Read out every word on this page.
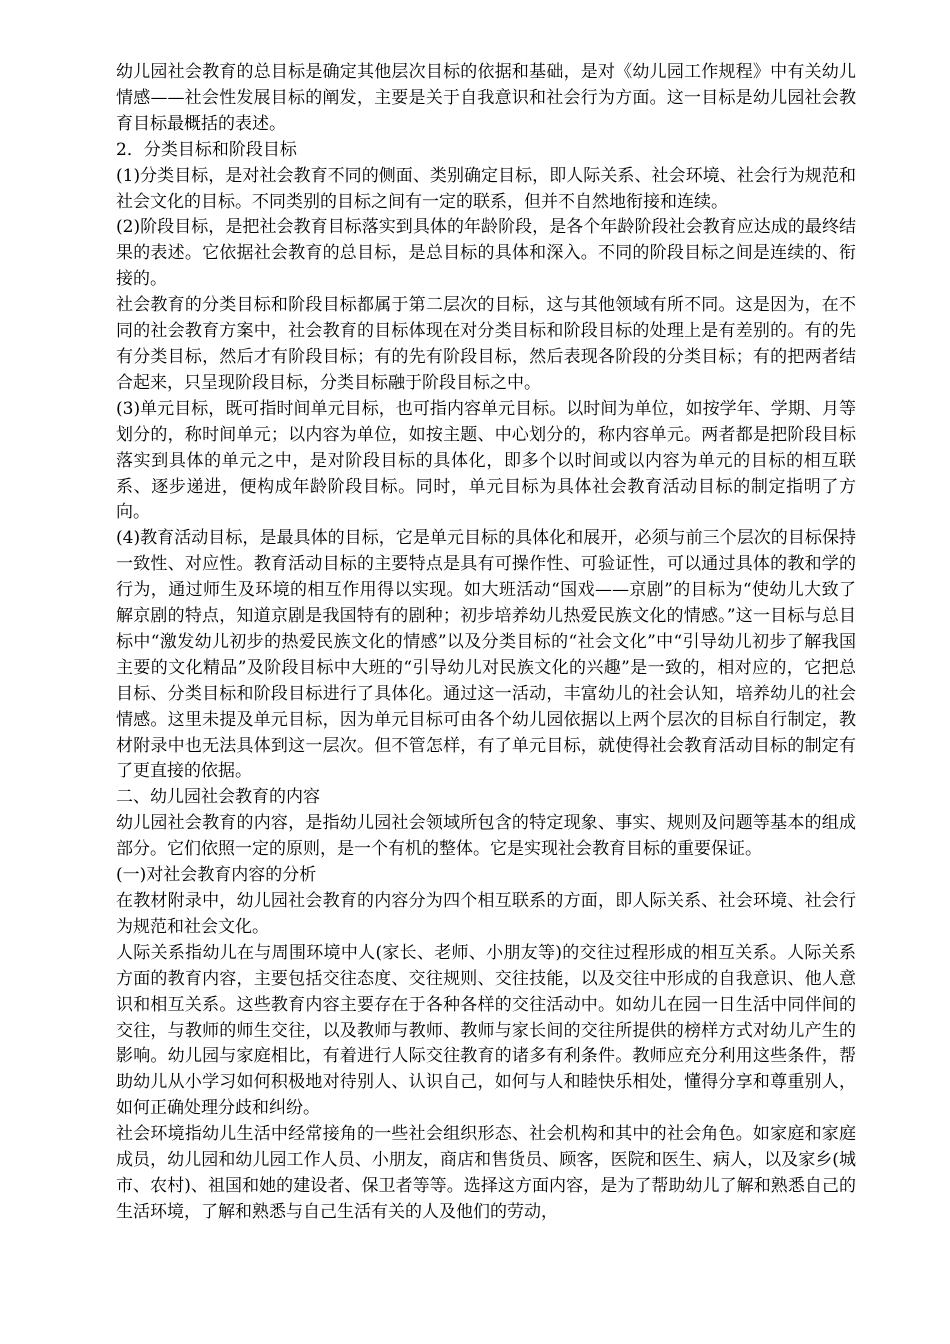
幼儿园社会教育的总目标是确定其他层次目标的依据和基础，是对《幼儿园工作规程》中有关幼儿情感——社会性发展目标的阐发，主要是关于自我意识和社会行为方面。这一目标是幼儿园社会教育目标最概括的表述。

2．分类目标和阶段目标

(1)分类目标，是对社会教育不同的侧面、类别确定目标，即人际关系、社会环境、社会行为规范和社会文化的目标。不同类别的目标之间有一定的联系，但并不自然地衔接和连续。

(2)阶段目标，是把社会教育目标落实到具体的年龄阶段，是各个年龄阶段社会教育应达成的最终结果的表述。它依据社会教育的总目标，是总目标的具体和深入。不同的阶段目标之间是连续的、衔接的。

社会教育的分类目标和阶段目标都属于第二层次的目标，这与其他领域有所不同。这是因为，在不同的社会教育方案中，社会教育的目标体现在对分类目标和阶段目标的处理上是有差别的。有的先有分类目标，然后才有阶段目标；有的先有阶段目标，然后表现各阶段的分类目标；有的把两者结合起来，只呈现阶段目标，分类目标融于阶段目标之中。

(3)单元目标，既可指时间单元目标，也可指内容单元目标。以时间为单位，如按学年、学期、月等划分的，称时间单元；以内容为单位，如按主题、中心划分的，称内容单元。两者都是把阶段目标落实到具体的单元之中，是对阶段目标的具体化，即多个以时间或以内容为单元的目标的相互联系、逐步递进，便构成年龄阶段目标。同时，单元目标为具体社会教育活动目标的制定指明了方向。

(4)教育活动目标，是最具体的目标，它是单元目标的具体化和展开，必须与前三个层次的目标保持一致性、对应性。教育活动目标的主要特点是具有可操作性、可验证性，可以通过具体的教和学的行为，通过师生及环境的相互作用得以实现。如大班活动“国戏——京剧”的目标为“使幼儿大致了解京剧的特点，知道京剧是我国特有的剧种；初步培养幼儿热爱民族文化的情感。”这一目标与总目标中“激发幼儿初步的热爱民族文化的情感”以及分类目标的“社会文化”中“引导幼儿初步了解我国主要的文化精品”及阶段目标中大班的“引导幼儿对民族文化的兴趣”是一致的，相对应的，它把总目标、分类目标和阶段目标进行了具体化。通过这一活动，丰富幼儿的社会认知，培养幼儿的社会情感。这里未提及单元目标，因为单元目标可由各个幼儿园依据以上两个层次的目标自行制定，教材附录中也无法具体到这一层次。但不管怎样，有了单元目标，就使得社会教育活动目标的制定有了更直接的依据。

二、幼儿园社会教育的内容

幼儿园社会教育的内容，是指幼儿园社会领域所包含的特定现象、事实、规则及问题等基本的组成部分。它们依照一定的原则，是一个有机的整体。它是实现社会教育目标的重要保证。

(一)对社会教育内容的分析

在教材附录中，幼儿园社会教育的内容分为四个相互联系的方面，即人际关系、社会环境、社会行为规范和社会文化。

人际关系指幼儿在与周围环境中人(家长、老师、小朋友等)的交往过程形成的相互关系。人际关系方面的教育内容，主要包括交往态度、交往规则、交往技能，以及交往中形成的自我意识、他人意识和相互关系。这些教育内容主要存在于各种各样的交往活动中。如幼儿在园一日生活中同伴间的交往，与教师的师生交往，以及教师与教师、教师与家长间的交往所提供的榜样方式对幼儿产生的影响。幼儿园与家庭相比，有着进行人际交往教育的诸多有利条件。教师应充分利用这些条件，帮助幼儿从小学习如何积极地对待别人、认识自己，如何与人和睦快乐相处，懂得分享和尊重别人，如何正确处理分歧和纠纷。

社会环境指幼儿生活中经常接角的一些社会组织形态、社会机构和其中的社会角色。如家庭和家庭成员，幼儿园和幼儿园工作人员、小朋友，商店和售货员、顾客，医院和医生、病人，以及家乡(城市、农村)、祖国和她的建设者、保卫者等等。选择这方面内容，是为了帮助幼儿了解和熟悉自己的生活环境，了解和熟悉与自己生活有关的人及他们的劳动，
